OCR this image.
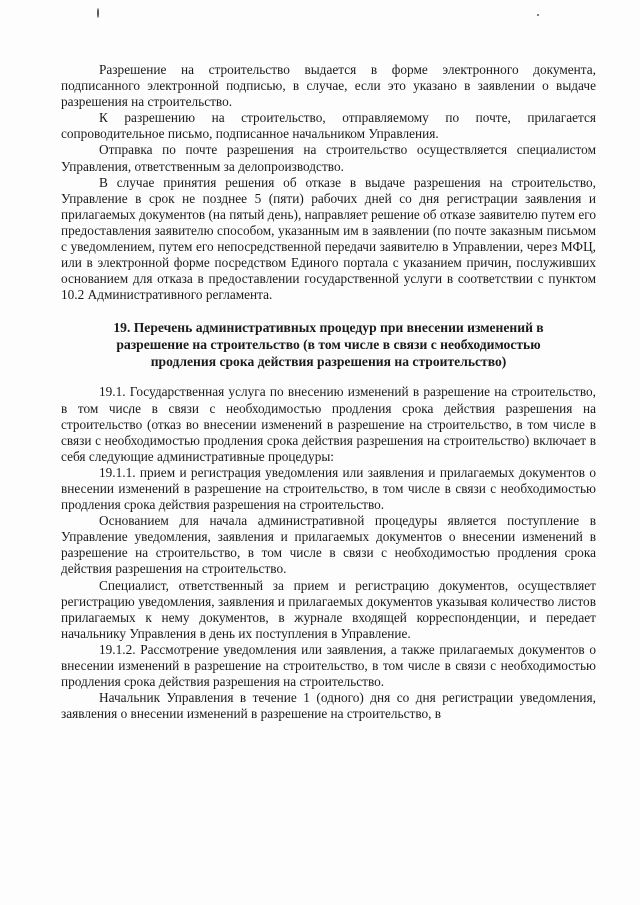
Разрешение на строительство выдается в форме электронного документа, подписанного электронной подписью, в случае, если это указано в заявлении о выдаче разрешения на строительство.

К разрешению на строительство, отправляемому по почте, прилагается сопроводительное письмо, подписанное начальником Управления.

Отправка по почте разрешения на строительство осуществляется специалистом Управления, ответственным за делопроизводство.

В случае принятия решения об отказе в выдаче разрешения на строительство, Управление в срок не позднее 5 (пяти) рабочих дней со дня регистрации заявления и прилагаемых документов (на пятый день), направляет решение об отказе заявителю путем его предоставления заявителю способом, указанным им в заявлении (по почте заказным письмом с уведомлением, путем его непосредственной передачи заявителю в Управлении, через МФЦ, или в электронной форме посредством Единого портала с указанием причин, послуживших основанием для отказа в предоставлении государственной услуги в соответствии с пунктом 10.2 Административного регламента.

19. Перечень административных процедур при внесении изменений в
разрешение на строительство (в том числе в связи с необходимостью
продления срока действия разрешения на строительство)

19.1. Государственная услуга по внесению изменений в разрешение на строительство, в том числе в связи с необходимостью продления срока действия разрешения на строительство (отказ во внесении изменений в разрешение на строительство, в том числе в связи с необходимостью продления срока действия разрешения на строительство) включает в себя следующие административные процедуры:

19.1.1. прием и регистрация уведомления или заявления и прилагаемых документов о внесении изменений в разрешение на строительство, в том числе в связи с необходимостью продления срока действия разрешения на строительство.

Основанием для начала административной процедуры является поступление в Управление уведомления, заявления и прилагаемых документов о внесении изменений в разрешение на строительство, в том числе в связи с необходимостью продления срока действия разрешения на строительство.

Специалист, ответственный за прием и регистрацию документов, осуществляет регистрацию уведомления, заявления и прилагаемых документов указывая количество листов прилагаемых к нему документов, в журнале входящей корреспонденции, и передает начальнику Управления в день их поступления в Управление.

19.1.2. Рассмотрение уведомления или заявления, а также прилагаемых документов о внесении изменений в разрешение на строительство, в том числе в связи с необходимостью продления срока действия разрешения на строительство.

Начальник Управления в течение 1 (одного) дня со дня регистрации уведомления, заявления о внесении изменений в разрешение на строительство, в
